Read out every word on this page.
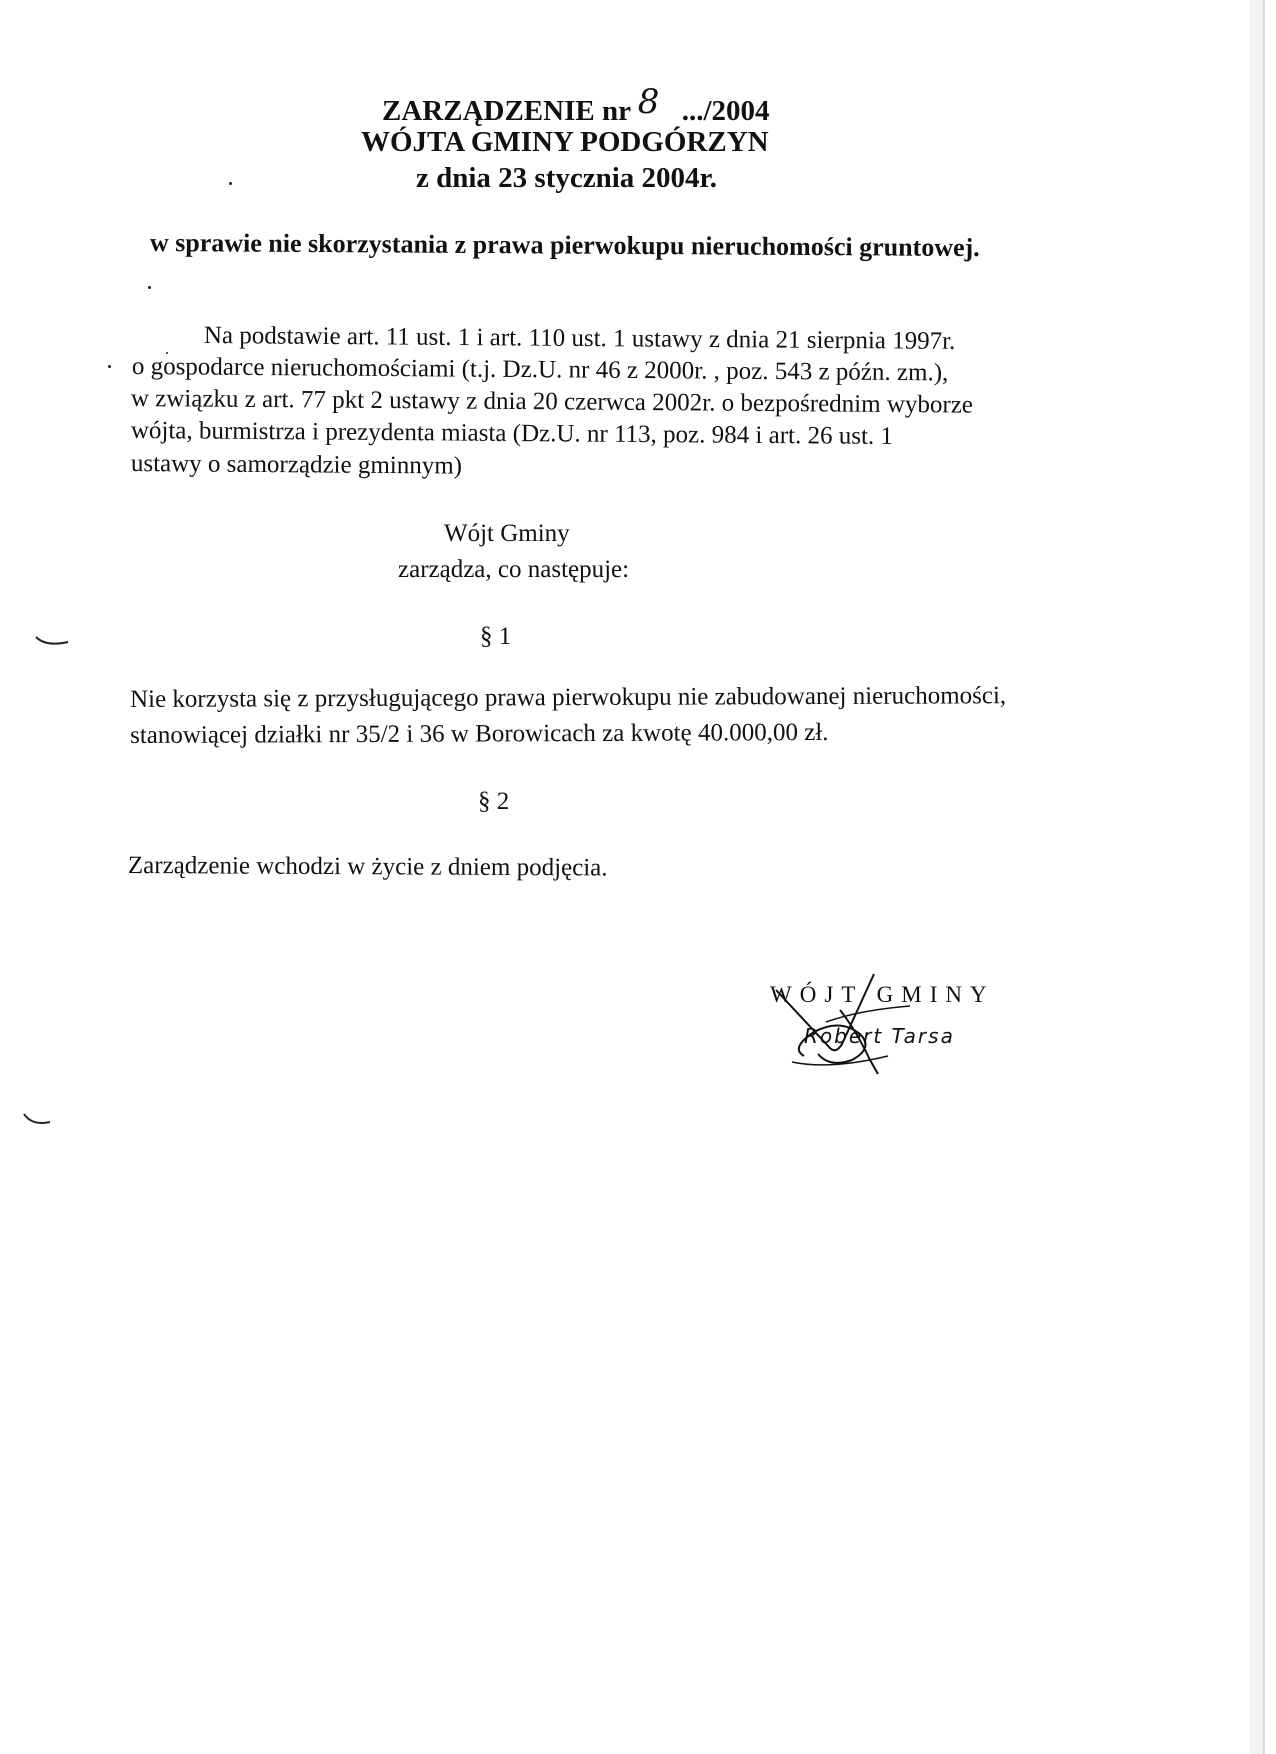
ZARZĄDZENIE nr 8 .../2004
WÓJTA GMINY PODGÓRZYN
z dnia 23 stycznia 2004r.
w sprawie nie skorzystania z prawa pierwokupu nieruchomości gruntowej.
Na podstawie art. 11 ust. 1 i art. 110 ust. 1 ustawy z dnia 21 sierpnia 1997r.
o gospodarce nieruchomościami (t.j. Dz.U. nr 46 z 2000r. , poz. 543 z późn. zm.),
w związku z art. 77 pkt 2 ustawy z dnia 20 czerwca 2002r. o bezpośrednim wyborze
wójta, burmistrza i prezydenta miasta (Dz.U. nr 113, poz. 984 i art. 26 ust. 1
ustawy o samorządzie gminnym)
Wójt Gminy
zarządza, co następuje:
§ 1
Nie korzysta się z przysługującego prawa pierwokupu nie zabudowanej nieruchomości,
stanowiącej działki nr 35/2 i 36 w Borowicach za kwotę 40.000,00 zł.
§ 2
Zarządzenie wchodzi w życie z dniem podjęcia.
WÓJT GMINY
Robert Tarsa
